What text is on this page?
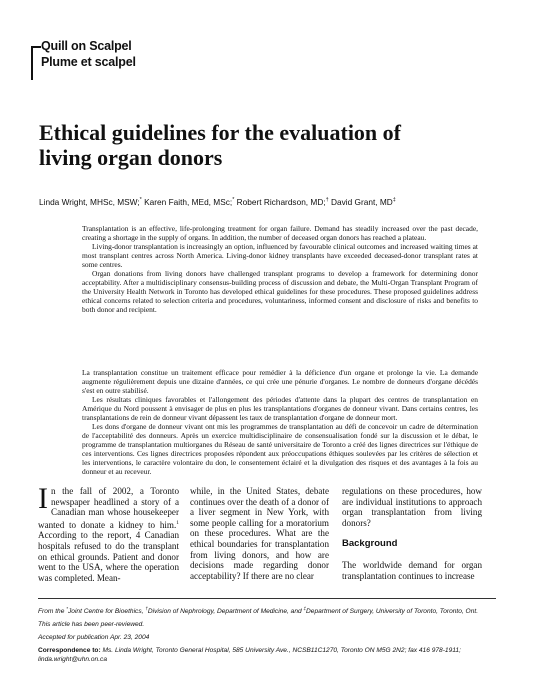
Quill on Scalpel
Plume et scalpel
Ethical guidelines for the evaluation of living organ donors
Linda Wright, MHSc, MSW;* Karen Faith, MEd, MSc;* Robert Richardson, MD;† David Grant, MD‡

Transplantation is an effective, life-prolonging treatment for organ failure. Demand has steadily increased over the past decade, creating a shortage in the supply of organs. In addition, the number of deceased organ donors has reached a plateau.

Living-donor transplantation is increasingly an option, influenced by favourable clinical outcomes and increased waiting times at most transplant centres across North America. Living-donor kidney transplants have exceeded deceased-donor transplant rates at some centres.

Organ donations from living donors have challenged transplant programs to develop a framework for determining donor acceptability. After a multidisciplinary consensus-building process of discussion and debate, the Multi-Organ Transplant Program of the University Health Network in Toronto has developed ethical guidelines for these procedures. These proposed guidelines address ethical concerns related to selection criteria and procedures, voluntariness, informed consent and disclosure of risks and benefits to both donor and recipient.

La transplantation constitue un traitement efficace pour remédier à la déficience d'un organe et prolonge la vie. La demande augmente régulièrement depuis une dizaine d'années, ce qui crée une pénurie d'organes. Le nombre de donneurs d'organe décédés s'est en outre stabilisé.

Les résultats cliniques favorables et l'allongement des périodes d'attente dans la plupart des centres de transplantation en Amérique du Nord poussent à envisager de plus en plus les transplantations d'organes de donneur vivant. Dans certains centres, les transplantations de rein de donneur vivant dépassent les taux de transplantation d'organe de donneur mort.

Les dons d'organe de donneur vivant ont mis les programmes de transplantation au défi de concevoir un cadre de détermination de l'acceptabilité des donneurs. Après un exercice multidisciplinaire de consensualisation fondé sur la discussion et le débat, le programme de transplantation multiorganes du Réseau de santé universitaire de Toronto a créé des lignes directrices sur l'éthique de ces interventions. Ces lignes directrices proposées répondent aux préoccupations éthiques soulevées par les critères de sélection et les interventions, le caractère volontaire du don, le consentement éclairé et la divulgation des risques et des avantages à la fois au donneur et au receveur.

In the fall of 2002, a Toronto newspaper headlined a story of a Canadian man whose housekeeper wanted to donate a kidney to him.$^1$ According to the report, 4 Canadian hospitals refused to do the transplant on ethical grounds. Patient and donor went to the USA, where the operation was completed. Mean-

while, in the United States, debate continues over the death of a donor of a liver segment in New York, with some people calling for a moratorium on these procedures. What are the ethical boundaries for transplantation from living donors, and how are decisions made regarding donor acceptability? If there are no clear

regulations on these procedures, how are individual institutions to approach organ transplantation from living donors?

Background

The worldwide demand for organ transplantation continues to increase

From the *Joint Centre for Bioethics, †Division of Nephrology, Department of Medicine, and ‡Department of Surgery, University of Toronto, Toronto, Ont.

This article has been peer-reviewed.

Accepted for publication Apr. 23, 2004

Correspondence to: Ms. Linda Wright, Toronto General Hospital, 585 University Ave., NCSB11C1270, Toronto ON M5G 2N2; fax 416 978-1911; linda.wright@uhn.on.ca
